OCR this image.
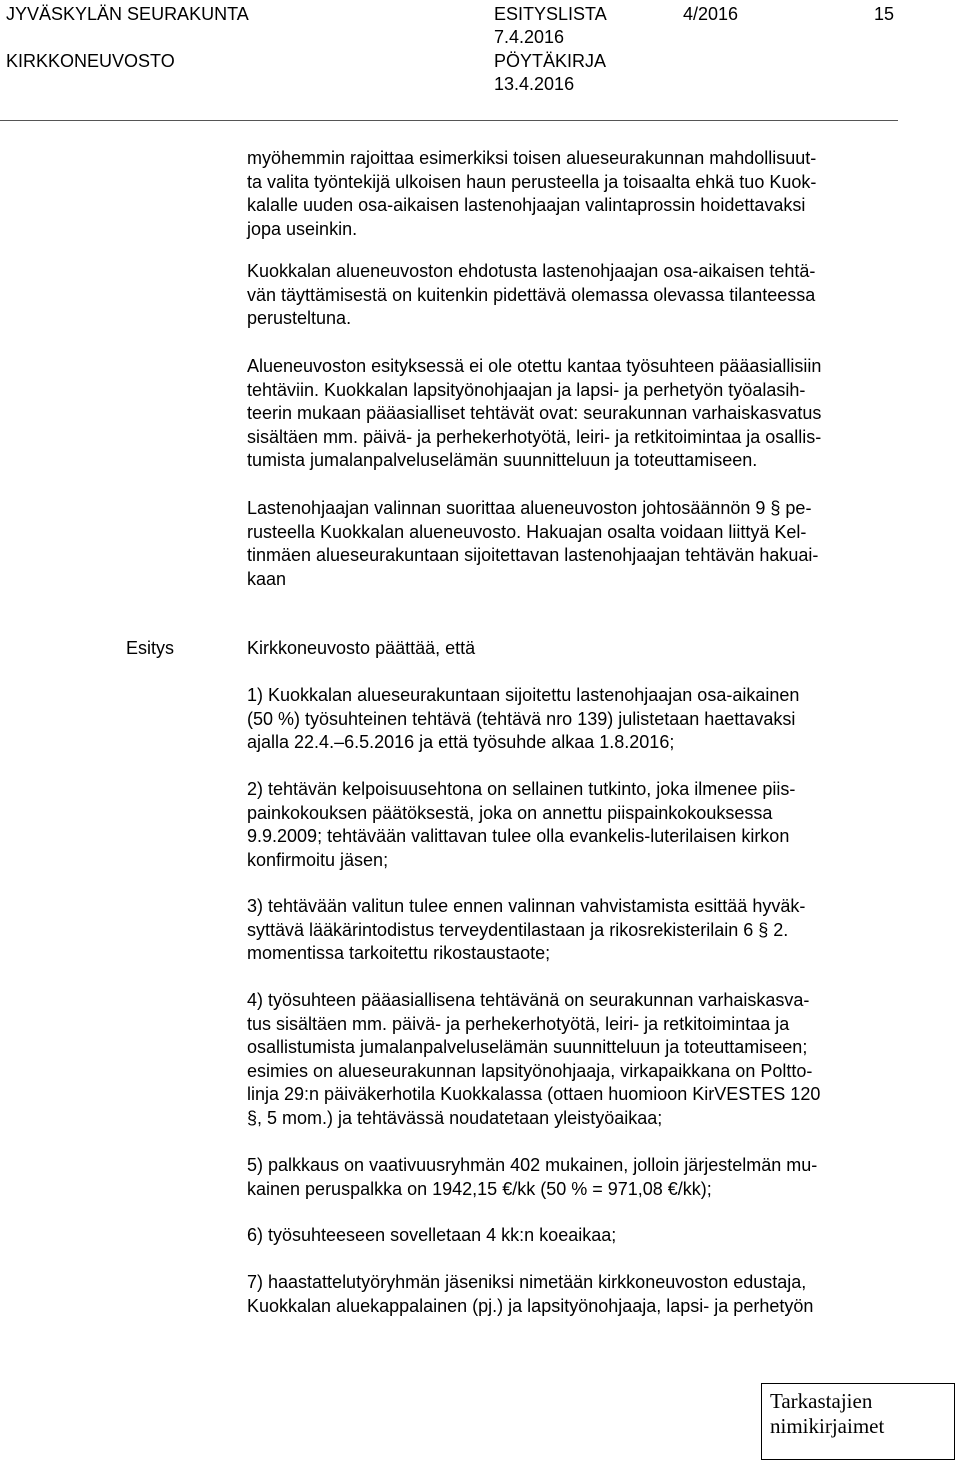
JYVÄSKYLÄN SEURAKUNTA
KIRKKONEUVOSTO
ESITYSLISTA
7.4.2016
PÖYTÄKIRJA
13.4.2016
4/2016	15
myöhemmin rajoittaa esimerkiksi toisen alueseurakunnan mahdollisuut-
ta valita työntekijä ulkoisen haun perusteella ja toisaalta ehkä tuo Kuok-
kalalle uuden osa-aikaisen lastenohjaajan valintaprossin hoidettavaksi
jopa useinkin.
Kuokkalan alueneuvoston ehdotusta lastenohjaajan osa-aikaisen tehtä-
vän täyttämisestä on kuitenkin pidettävä olemassa olevassa tilanteessa
perusteltuna.
Alueneuvoston esityksessä ei ole otettu kantaa työsuhteen pääasiallisiin
tehtäviin. Kuokkalan lapsityönohjaajan ja lapsi- ja perhetyön työalasih-
teerin mukaan pääasialliset tehtävät ovat: seurakunnan varhaiskasvatus
sisältäen mm. päivä- ja perhekerhotyötä, leiri- ja retkitoimintaa ja osallis-
tumista jumalanpalveluselämän suunnitteluun ja toteuttamiseen.
Lastenohjaajan valinnan suorittaa alueneuvoston johtosäännön 9 § pe-
rusteella Kuokkalan alueneuvosto. Hakuajan osalta voidaan liittyä Kel-
tinmäen alueseurakuntaan sijoitettavan lastenohjaajan tehtävän hakuai-
kaan
Esitys	Kirkkoneuvosto päättää, että
1) Kuokkalan alueseurakuntaan sijoitettu lastenohjaajan osa-aikainen
(50 %) työsuhteinen tehtävä (tehtävä nro 139) julistetaan haettavaksi
ajalla 22.4.–6.5.2016 ja että työsuhde alkaa 1.8.2016;
2) tehtävän kelpoisuusehtona on sellainen tutkinto, joka ilmenee piis-
painkokouksen päätöksestä, joka on annettu piispainkokouksessa
9.9.2009; tehtävään valittavan tulee olla evankelis-luterilaisen kirkon
konfirmoitu jäsen;
3) tehtävään valitun tulee ennen valinnan vahvistamista esittää hyväk-
syttävä lääkärintodistus terveydentilastaan ja rikosrekisterilain 6 § 2.
momentissa tarkoitettu rikostaustaote;
4) työsuhteen pääasiallisena tehtävänä on seurakunnan varhaiskasva-
tus sisältäen mm. päivä- ja perhekerhotyötä, leiri- ja retkitoimintaa ja
osallistumista jumalanpalveluselämän suunnitteluun ja toteuttamiseen;
esimies on alueseurakunnan lapsityönohjaaja, virkapaikkana on Polttо-
linja 29:n päiväkerhotila Kuokkalassa (ottaen huomioon KirVESTES 120
§, 5 mom.) ja tehtävässä noudatetaan yleistyöaikaa;
5) palkkaus on vaativuusryhmän 402 mukainen, jolloin järjestelmän mu-
kainen peruspalkka on 1942,15 €/kk (50 % = 971,08 €/kk);
6) työsuhteeseen sovelletaan 4 kk:n koeaikaa;
7) haastattelutyöryhmän jäseniksi nimetään kirkkoneuvoston edustaja,
Kuokkalan aluekappalainen (pj.) ja lapsityönohjaaja, lapsi- ja perhetyön
Tarkastajien
nimikirjaimet
